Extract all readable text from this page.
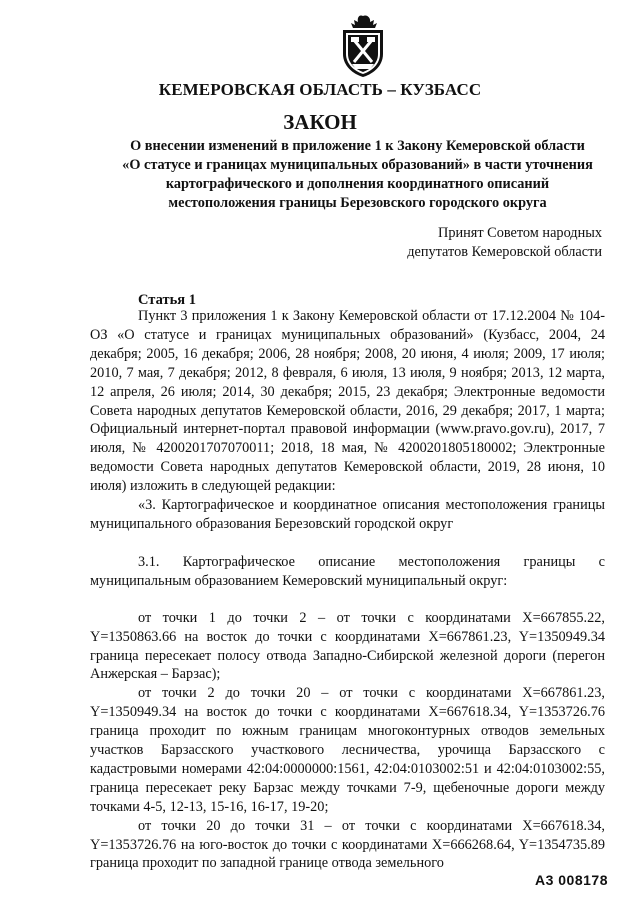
КЕМЕРОВСКАЯ ОБЛАСТЬ – КУЗБАСС
ЗАКОН
О внесении изменений в приложение 1 к Закону Кемеровской области
«О статусе и границах муниципальных образований» в части уточнения
картографического и дополнения координатного описаний
местоположения границы Березовского городского округа
Принят Советом народных
депутатов Кемеровской области
Статья 1

Пункт 3 приложения 1 к Закону Кемеровской области от 17.12.2004 № 104-ОЗ «О статусе и границах муниципальных образований» (Кузбасс, 2004, 24 декабря; 2005, 16 декабря; 2006, 28 ноября; 2008, 20 июня, 4 июля; 2009, 17 июля; 2010, 7 мая, 7 декабря; 2012, 8 февраля, 6 июля, 13 июля, 9 ноября; 2013, 12 марта, 12 апреля, 26 июля; 2014, 30 декабря; 2015, 23 декабря; Электронные ведомости Совета народных депутатов Кемеровской области, 2016, 29 декабря; 2017, 1 марта; Официальный интернет-портал правовой информации (www.pravo.gov.ru), 2017, 7 июля, № 4200201707070011; 2018, 18 мая, № 4200201805180002; Электронные ведомости Совета народных депутатов Кемеровской области, 2019, 28 июня, 10 июля) изложить в следующей редакции:

«3. Картографическое и координатное описания местоположения границы муниципального образования Березовский городской округ

3.1. Картографическое описание местоположения границы с муниципальным образованием Кемеровский муниципальный округ:

от точки 1 до точки 2 – от точки с координатами X=667855.22, Y=1350863.66 на восток до точки с координатами X=667861.23, Y=1350949.34 граница пересекает полосу отвода Западно-Сибирской железной дороги (перегон Анжерская – Барзас);

от точки 2 до точки 20 – от точки с координатами X=667861.23, Y=1350949.34 на восток до точки с координатами X=667618.34, Y=1353726.76 граница проходит по южным границам многоконтурных отводов земельных участков Барзасского участкового лесничества, урочища Барзасского с кадастровыми номерами 42:04:0000000:1561, 42:04:0103002:51 и 42:04:0103002:55, граница пересекает реку Барзас между точками 7-9, щебеночные дороги между точками 4-5, 12-13, 15-16, 16-17, 19-20;

от точки 20 до точки 31 – от точки с координатами X=667618.34, Y=1353726.76 на юго-восток до точки с координатами X=666268.64, Y=1354735.89 граница проходит по западной границе отвода земельного

А3 008178
